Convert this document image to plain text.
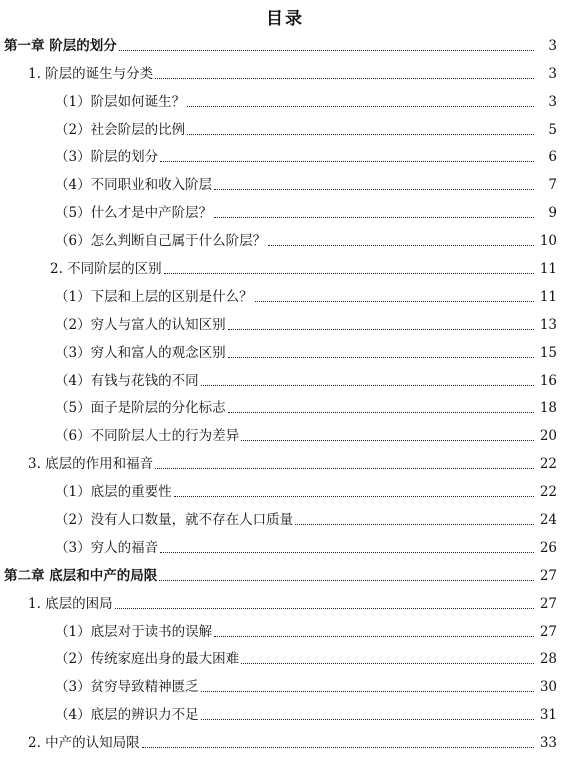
目录
第一章 阶层的划分	3
1. 阶层的诞生与分类	3
（1）阶层如何诞生？	3
（2）社会阶层的比例	5
（3）阶层的划分	6
（4）不同职业和收入阶层	7
（5）什么才是中产阶层？	9
（6）怎么判断自己属于什么阶层？	10
2. 不同阶层的区别	11
（1）下层和上层的区别是什么？	11
（2）穷人与富人的认知区别	13
（3）穷人和富人的观念区别	15
（4）有钱与花钱的不同	16
（5）面子是阶层的分化标志	18
（6）不同阶层人士的行为差异	20
3. 底层的作用和福音	22
（1）底层的重要性	22
（2）没有人口数量，就不存在人口质量	24
（3）穷人的福音	26
第二章 底层和中产的局限	27
1. 底层的困局	27
（1）底层对于读书的误解	27
（2）传统家庭出身的最大困难	28
（3）贫穷导致精神匮乏	30
（4）底层的辨识力不足	31
2. 中产的认知局限	33
